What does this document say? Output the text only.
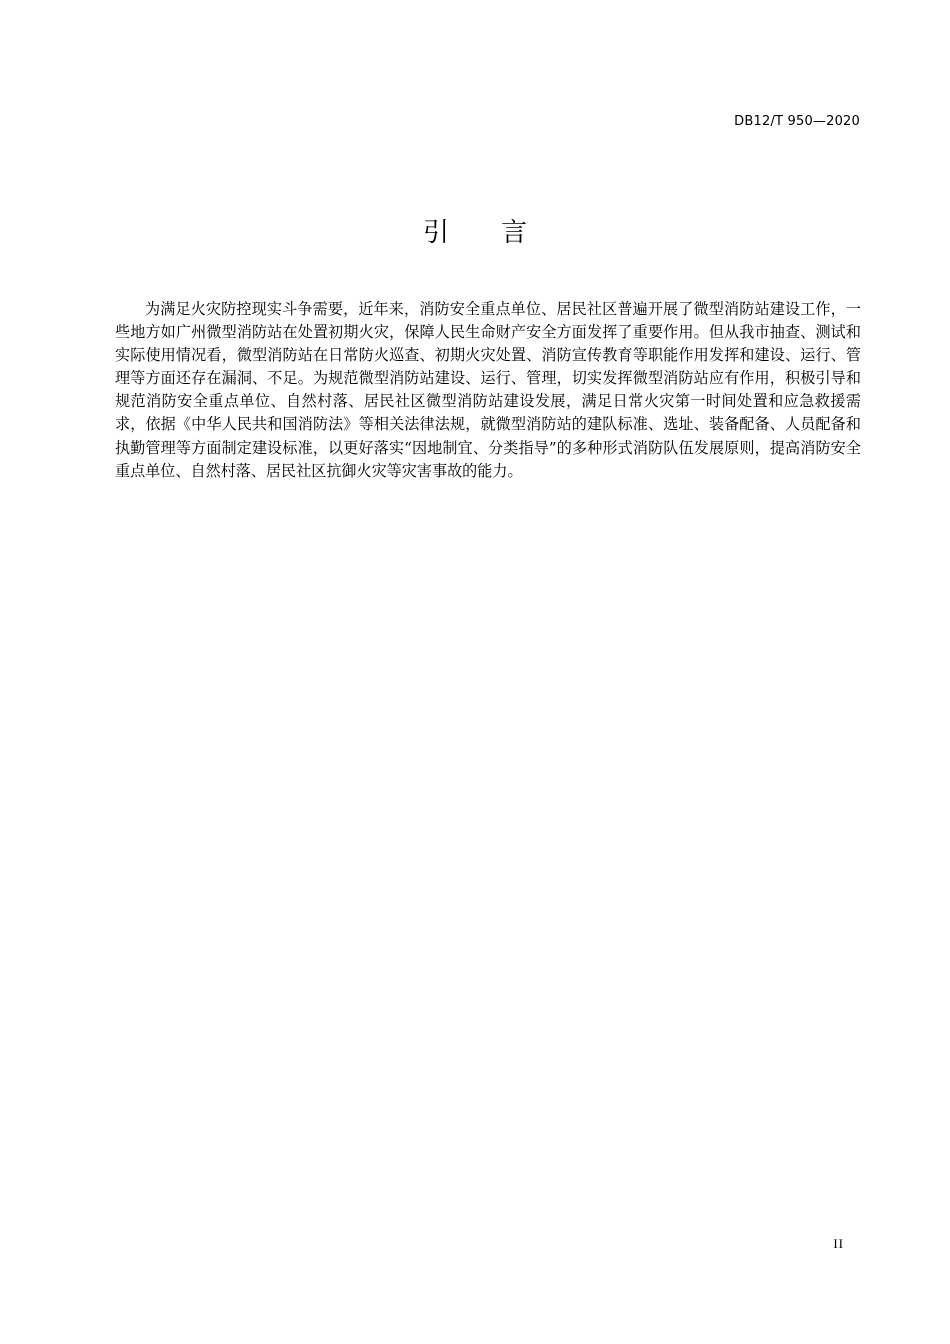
DB12/T 950—2020
引言

为满足火灾防控现实斗争需要，近年来，消防安全重点单位、居民社区普遍开展了微型消防站建设工作，一些地方如广州微型消防站在处置初期火灾，保障人民生命财产安全方面发挥了重要作用。但从我市抽查、测试和实际使用情况看，微型消防站在日常防火巡查、初期火灾处置、消防宣传教育等职能作用发挥和建设、运行、管理等方面还存在漏洞、不足。为规范微型消防站建设、运行、管理，切实发挥微型消防站应有作用，积极引导和规范消防安全重点单位、自然村落、居民社区微型消防站建设发展，满足日常火灾第一时间处置和应急救援需求，依据《中华人民共和国消防法》等相关法律法规，就微型消防站的建队标准、选址、装备配备、人员配备和执勤管理等方面制定建设标准，以更好落实“因地制宜、分类指导”的多种形式消防队伍发展原则，提高消防安全重点单位、自然村落、居民社区抗御火灾等灾害事故的能力。

II
